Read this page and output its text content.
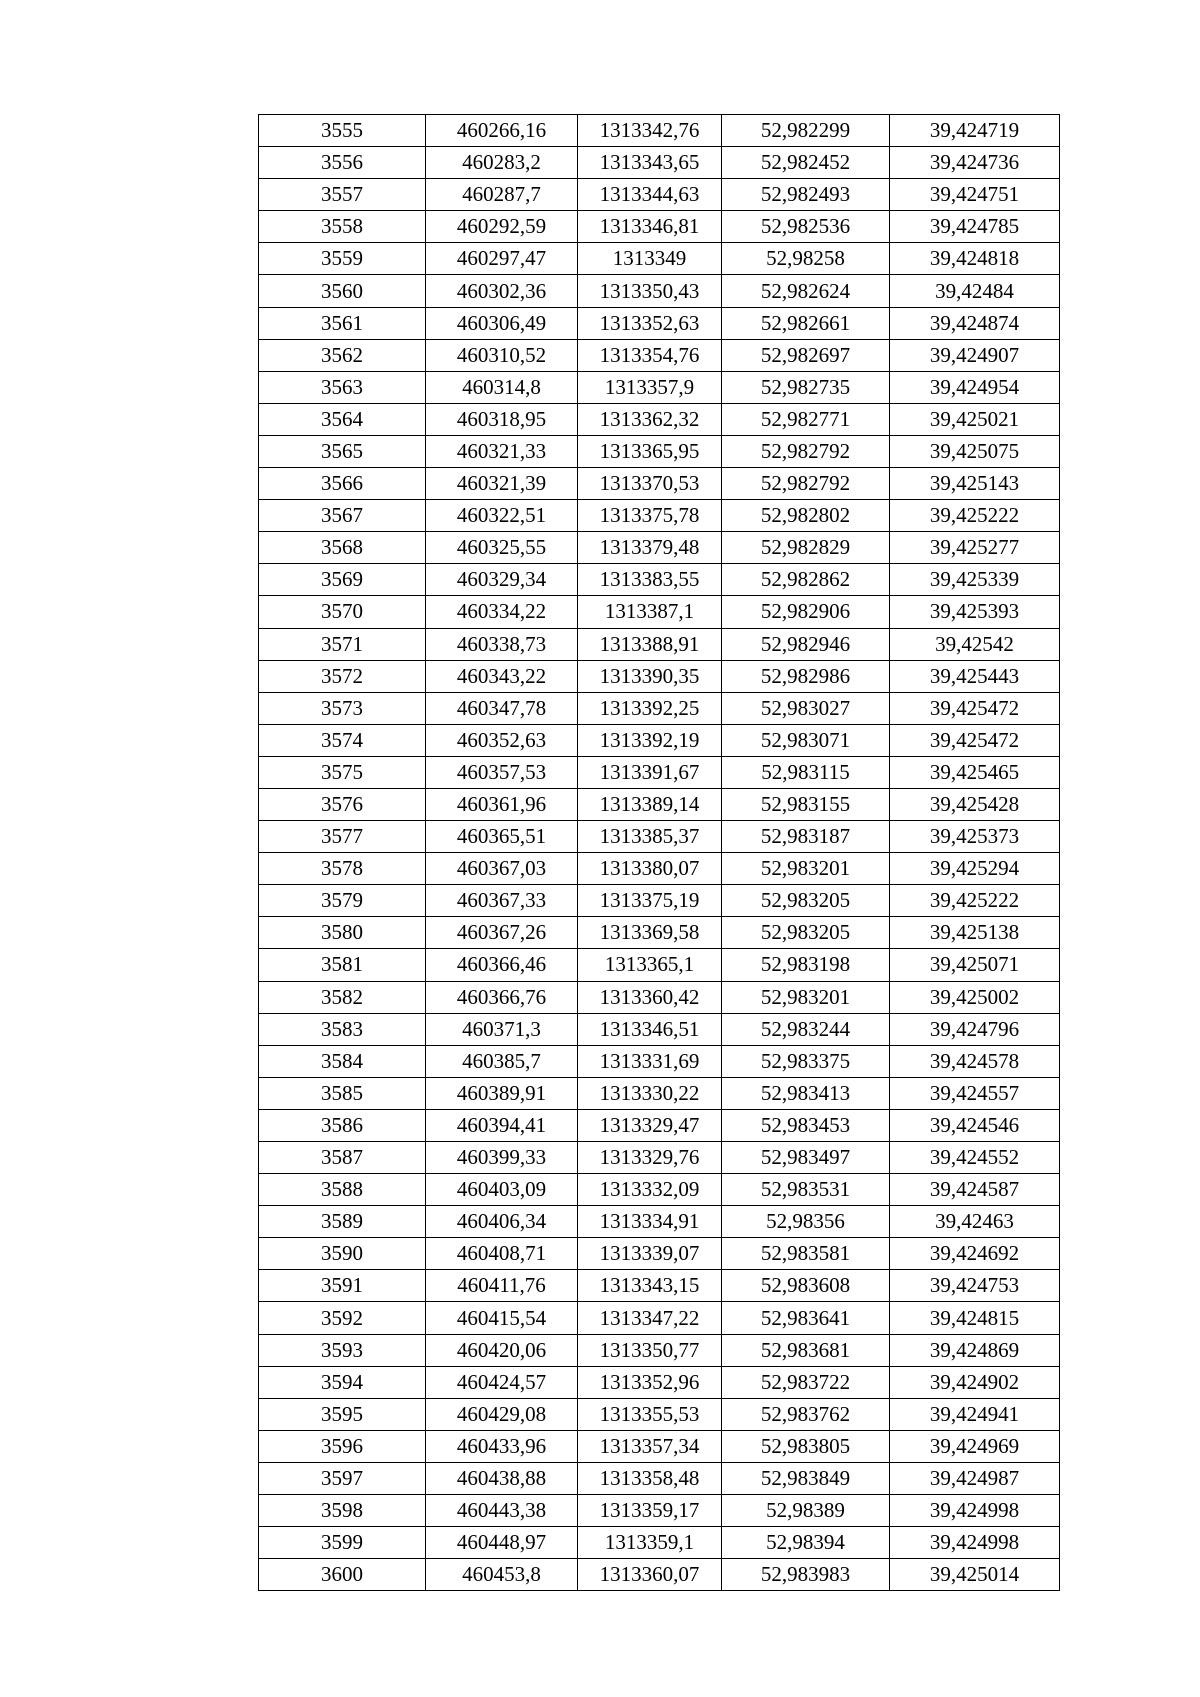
3555	460266,16	1313342,76	52,982299	39,424719
3556	460283,2	1313343,65	52,982452	39,424736
3557	460287,7	1313344,63	52,982493	39,424751
3558	460292,59	1313346,81	52,982536	39,424785
3559	460297,47	1313349	52,98258	39,424818
3560	460302,36	1313350,43	52,982624	39,42484
3561	460306,49	1313352,63	52,982661	39,424874
3562	460310,52	1313354,76	52,982697	39,424907
3563	460314,8	1313357,9	52,982735	39,424954
3564	460318,95	1313362,32	52,982771	39,425021
3565	460321,33	1313365,95	52,982792	39,425075
3566	460321,39	1313370,53	52,982792	39,425143
3567	460322,51	1313375,78	52,982802	39,425222
3568	460325,55	1313379,48	52,982829	39,425277
3569	460329,34	1313383,55	52,982862	39,425339
3570	460334,22	1313387,1	52,982906	39,425393
3571	460338,73	1313388,91	52,982946	39,42542
3572	460343,22	1313390,35	52,982986	39,425443
3573	460347,78	1313392,25	52,983027	39,425472
3574	460352,63	1313392,19	52,983071	39,425472
3575	460357,53	1313391,67	52,983115	39,425465
3576	460361,96	1313389,14	52,983155	39,425428
3577	460365,51	1313385,37	52,983187	39,425373
3578	460367,03	1313380,07	52,983201	39,425294
3579	460367,33	1313375,19	52,983205	39,425222
3580	460367,26	1313369,58	52,983205	39,425138
3581	460366,46	1313365,1	52,983198	39,425071
3582	460366,76	1313360,42	52,983201	39,425002
3583	460371,3	1313346,51	52,983244	39,424796
3584	460385,7	1313331,69	52,983375	39,424578
3585	460389,91	1313330,22	52,983413	39,424557
3586	460394,41	1313329,47	52,983453	39,424546
3587	460399,33	1313329,76	52,983497	39,424552
3588	460403,09	1313332,09	52,983531	39,424587
3589	460406,34	1313334,91	52,98356	39,42463
3590	460408,71	1313339,07	52,983581	39,424692
3591	460411,76	1313343,15	52,983608	39,424753
3592	460415,54	1313347,22	52,983641	39,424815
3593	460420,06	1313350,77	52,983681	39,424869
3594	460424,57	1313352,96	52,983722	39,424902
3595	460429,08	1313355,53	52,983762	39,424941
3596	460433,96	1313357,34	52,983805	39,424969
3597	460438,88	1313358,48	52,983849	39,424987
3598	460443,38	1313359,17	52,98389	39,424998
3599	460448,97	1313359,1	52,98394	39,424998
3600	460453,8	1313360,07	52,983983	39,425014
